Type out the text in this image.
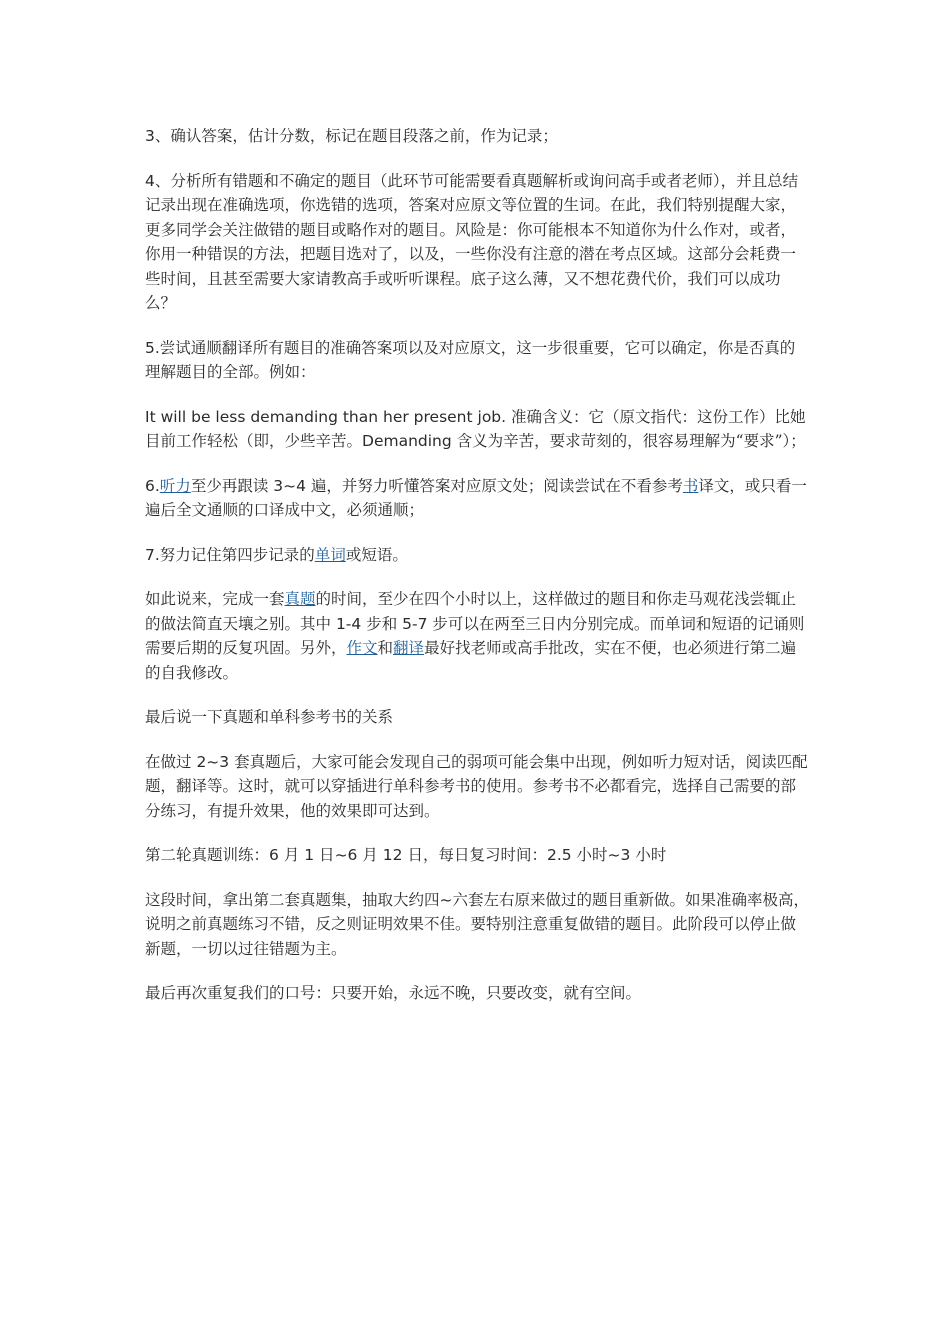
3、确认答案，估计分数，标记在题目段落之前，作为记录；

4、分析所有错题和不确定的题目（此环节可能需要看真题解析或询问高手或者老师），并且总结记录出现在准确选项，你选错的选项，答案对应原文等位置的生词。在此，我们特别提醒大家，更多同学会关注做错的题目或略作对的题目。风险是：你可能根本不知道你为什么作对，或者，你用一种错误的方法，把题目选对了，以及，一些你没有注意的潜在考点区域。这部分会耗费一些时间，且甚至需要大家请教高手或听听课程。底子这么薄，又不想花费代价，我们可以成功么？

5.尝试通顺翻译所有题目的准确答案项以及对应原文，这一步很重要，它可以确定，你是否真的理解题目的全部。例如：

It will be less demanding than her present job. 准确含义：它（原文指代：这份工作）比她目前工作轻松（即，少些辛苦。Demanding 含义为辛苦，要求苛刻的，很容易理解为“要求”）；

6.听力至少再跟读 3~4 遍，并努力听懂答案对应原文处；阅读尝试在不看参考书译文，或只看一遍后全文通顺的口译成中文，必须通顺；

7.努力记住第四步记录的单词或短语。

如此说来，完成一套真题的时间，至少在四个小时以上，这样做过的题目和你走马观花浅尝辄止的做法简直天壤之别。其中 1-4 步和 5-7 步可以在两至三日内分别完成。而单词和短语的记诵则需要后期的反复巩固。另外，作文和翻译最好找老师或高手批改，实在不便，也必须进行第二遍的自我修改。

最后说一下真题和单科参考书的关系

在做过 2~3 套真题后，大家可能会发现自己的弱项可能会集中出现，例如听力短对话，阅读匹配题，翻译等。这时，就可以穿插进行单科参考书的使用。参考书不必都看完，选择自己需要的部分练习，有提升效果，他的效果即可达到。

第二轮真题训练：6 月 1 日~6 月 12 日，每日复习时间：2.5 小时~3 小时

这段时间，拿出第二套真题集，抽取大约四~六套左右原来做过的题目重新做。如果准确率极高，说明之前真题练习不错，反之则证明效果不佳。要特别注意重复做错的题目。此阶段可以停止做新题，一切以过往错题为主。

最后再次重复我们的口号：只要开始，永远不晚，只要改变，就有空间。
